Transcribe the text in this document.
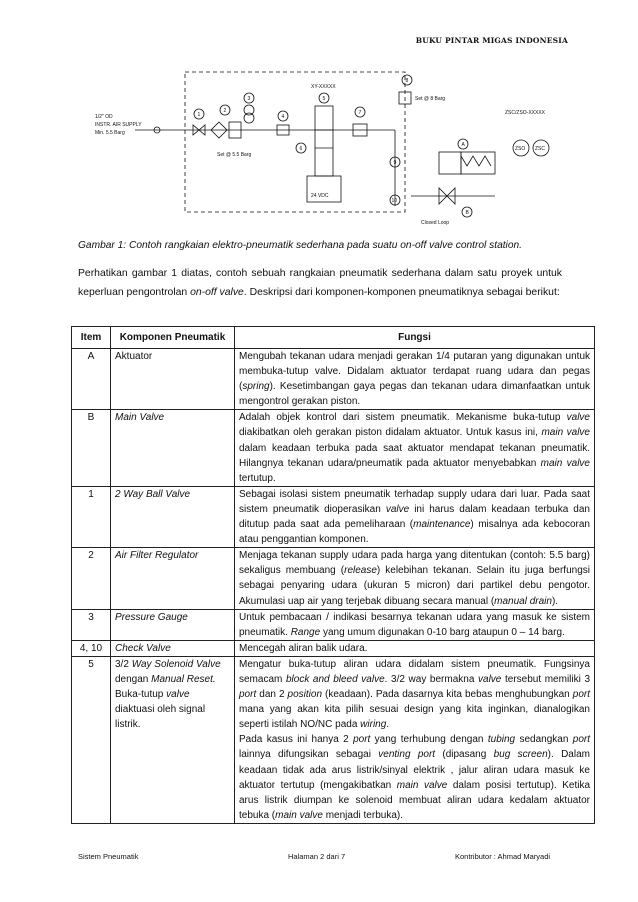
BUKU PINTAR MIGAS INDONESIA
1/2" OD
INSTR. AIR SUPPLY
Min. 5.5 Barg
1
2
Set @ 5.5 Barg
3
4
6
XY-XXXXX
5
24 VDC
7
8
Set @ 8 Barg
9
10
A
B
Closed Loop
ZSC/ZSO-XXXXX
ZSO ZSC
Gambar 1: Contoh rangkaian elektro-pneumatik sederhana pada suatu on-off valve control station.
Perhatikan gambar 1 diatas, contoh sebuah rangkaian pneumatik sederhana dalam satu proyek untuk keperluan pengontrolan on-off valve. Deskripsi dari komponen-komponen pneumatiknya sebagai berikut:
Item	Komponen Pneumatik	Fungsi
A	Aktuator	Mengubah tekanan udara menjadi gerakan 1/4 putaran yang digunakan untuk membuka-tutup valve. Didalam aktuator terdapat ruang udara dan pegas (spring). Kesetimbangan gaya pegas dan tekanan udara dimanfaatkan untuk mengontrol gerakan piston.
B	Main Valve	Adalah objek kontrol dari sistem pneumatik. Mekanisme buka-tutup valve diakibatkan oleh gerakan piston didalam aktuator. Untuk kasus ini, main valve dalam keadaan terbuka pada saat aktuator mendapat tekanan pneumatik. Hilangnya tekanan udara/pneumatik pada aktuator menyebabkan main valve tertutup.
1	2 Way Ball Valve	Sebagai isolasi sistem pneumatik terhadap supply udara dari luar. Pada saat sistem pneumatik dioperasikan valve ini harus dalam keadaan terbuka dan ditutup pada saat ada pemeliharaan (maintenance) misalnya ada kebocoran atau penggantian komponen.
2	Air Filter Regulator	Menjaga tekanan supply udara pada harga yang ditentukan (contoh: 5.5 barg) sekaligus membuang (release) kelebihan tekanan. Selain itu juga berfungsi sebagai penyaring udara (ukuran 5 micron) dari partikel debu pengotor. Akumulasi uap air yang terjebak dibuang secara manual (manual drain).
3	Pressure Gauge	Untuk pembacaan / indikasi besarnya tekanan udara yang masuk ke sistem pneumatik. Range yang umum digunakan 0-10 barg ataupun 0 – 14 barg.
4, 10	Check Valve	Mencegah aliran balik udara.
5	3/2 Way Solenoid Valve dengan Manual Reset. Buka-tutup valve diaktuasi oleh signal listrik.	Mengatur buka-tutup aliran udara didalam sistem pneumatik. Fungsinya semacam block and bleed valve. 3/2 way bermakna valve tersebut memiliki 3 port dan 2 position (keadaan). Pada dasarnya kita bebas menghubungkan port mana yang akan kita pilih sesuai design yang kita inginkan, dianalogikan seperti istilah NO/NC pada wiring.
Pada kasus ini hanya 2 port yang terhubung dengan tubing sedangkan port lainnya difungsikan sebagai venting port (dipasang bug screen). Dalam keadaan tidak ada arus listrik/sinyal elektrik , jalur aliran udara masuk ke aktuator tertutup (mengakibatkan main valve dalam posisi tertutup). Ketika arus listrik diumpan ke solenoid membuat aliran udara kedalam aktuator tebuka (main valve menjadi terbuka).
Sistem Pneumatik	Halaman 2 dari 7	Kontributor : Ahmad Maryadi
